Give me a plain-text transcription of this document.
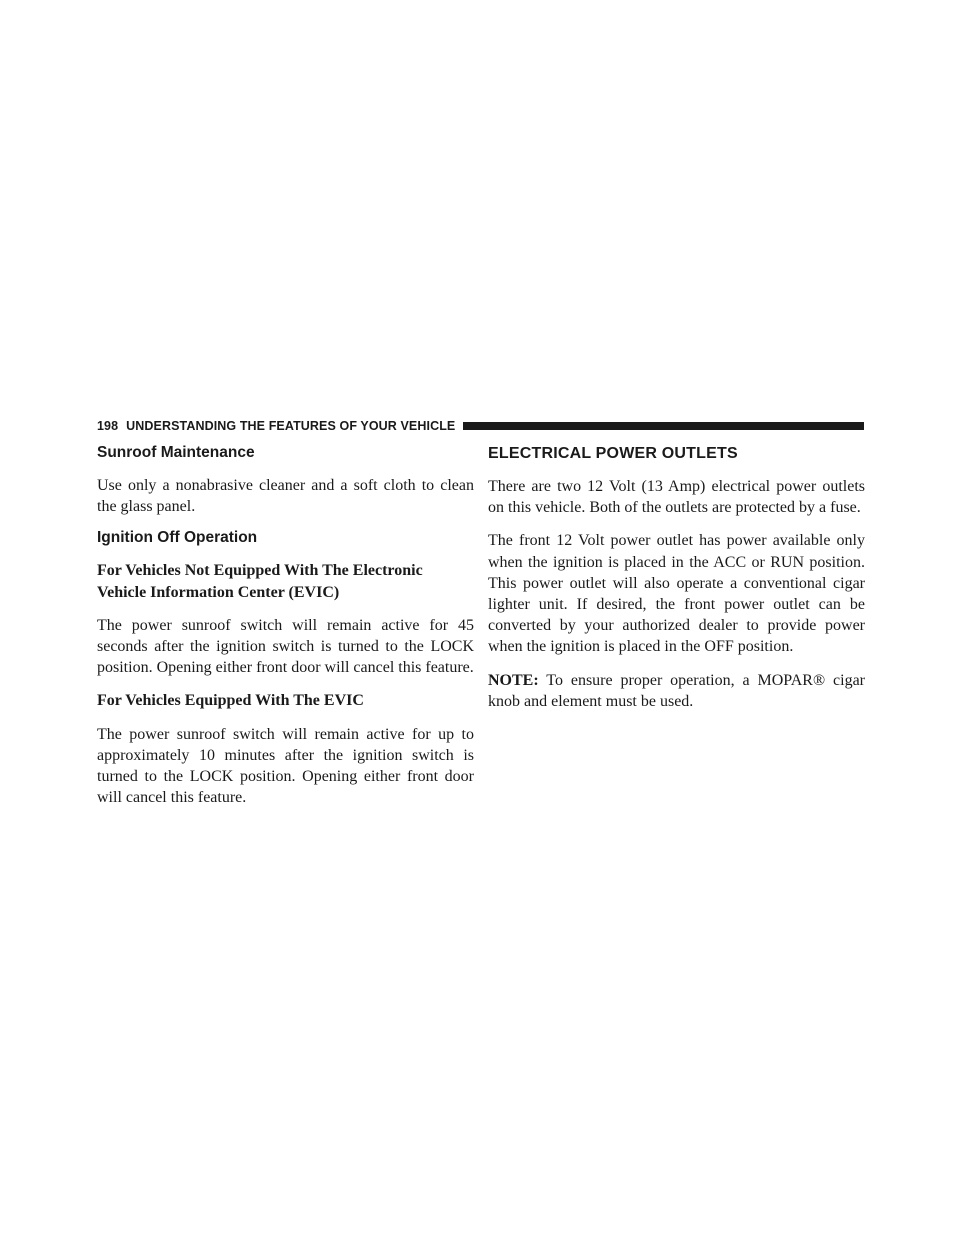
198 UNDERSTANDING THE FEATURES OF YOUR VEHICLE
Sunroof Maintenance

Use only a nonabrasive cleaner and a soft cloth to clean the glass panel.

Ignition Off Operation

For Vehicles Not Equipped With The Electronic Vehicle Information Center (EVIC)

The power sunroof switch will remain active for 45 seconds after the ignition switch is turned to the LOCK position. Opening either front door will cancel this feature.

For Vehicles Equipped With The EVIC

The power sunroof switch will remain active for up to approximately 10 minutes after the ignition switch is turned to the LOCK position. Opening either front door will cancel this feature.

ELECTRICAL POWER OUTLETS

There are two 12 Volt (13 Amp) electrical power outlets on this vehicle. Both of the outlets are protected by a fuse.

The front 12 Volt power outlet has power available only when the ignition is placed in the ACC or RUN position. This power outlet will also operate a conventional cigar lighter unit. If desired, the front power outlet can be converted by your authorized dealer to provide power when the ignition is placed in the OFF position.

NOTE: To ensure proper operation, a MOPAR® cigar knob and element must be used.
